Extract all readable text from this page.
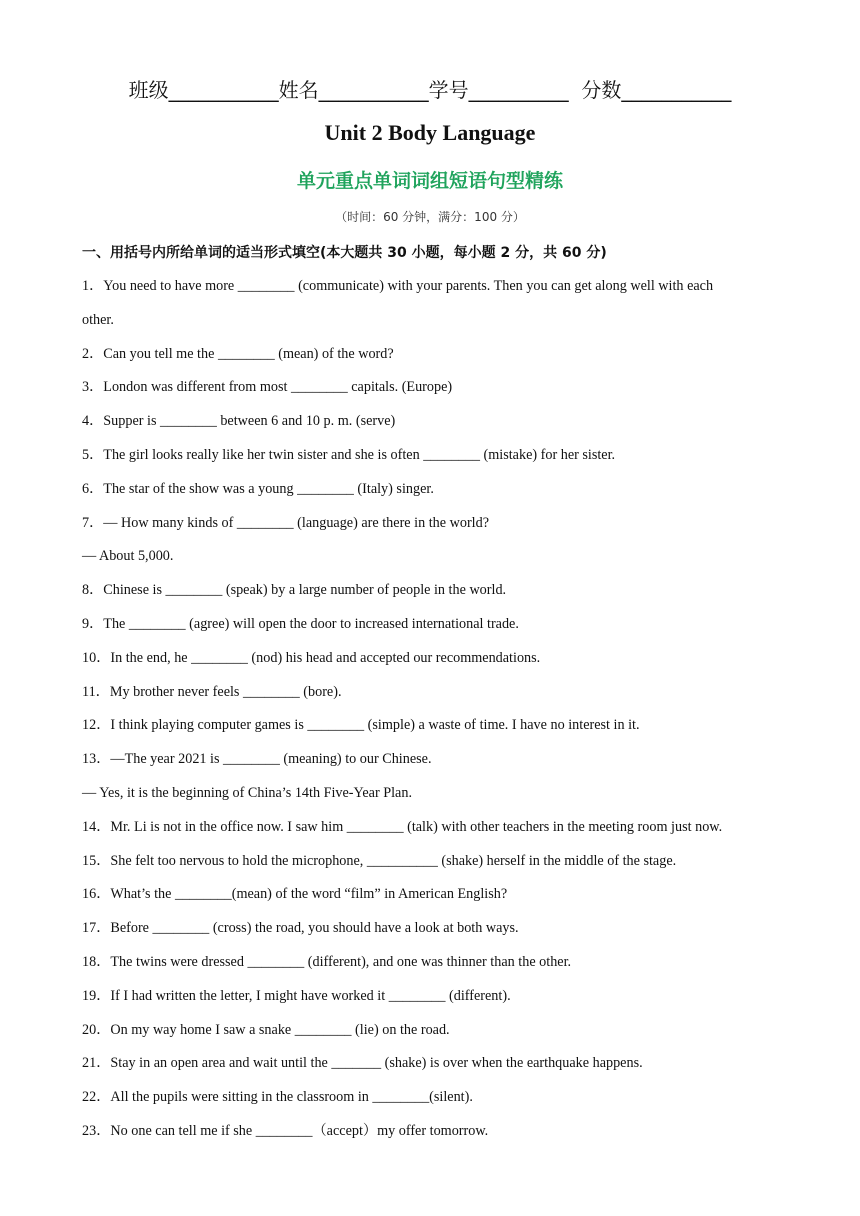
班级___________姓名___________学号__________  分数___________
Unit 2 Body Language
单元重点单词词组短语句型精练
（时间：60 分钟，满分：100 分）
一、用括号内所给单词的适当形式填空(本大题共 30 小题，每小题 2 分，共 60 分)
1．You need to have more ________ (communicate) with your parents. Then you can get along well with each
other.
2．Can you tell me the ________ (mean) of the word?
3．London was different from most ________ capitals. (Europe)
4．Supper is ________ between 6 and 10 p. m. (serve)
5．The girl looks really like her twin sister and she is often ________ (mistake) for her sister.
6．The star of the show was a young ________ (Italy) singer.
7．— How many kinds of ________ (language) are there in the world?
— About 5,000.
8．Chinese is ________ (speak) by a large number of people in the world.
9．The ________ (agree) will open the door to increased international trade.
10．In the end, he ________ (nod) his head and accepted our recommendations.
11．My brother never feels ________ (bore).
12．I think playing computer games is ________ (simple) a waste of time. I have no interest in it.
13．—The year 2021 is ________ (meaning) to our Chinese.
— Yes, it is the beginning of China’s 14th Five-Year Plan.
14．Mr. Li is not in the office now. I saw him ________ (talk) with other teachers in the meeting room just now.
15．She felt too nervous to hold the microphone, __________ (shake) herself in the middle of the stage.
16．What’s the ________(mean) of the word “film” in American English?
17．Before ________ (cross) the road, you should have a look at both ways.
18．The twins were dressed ________ (different), and one was thinner than the other.
19．If I had written the letter, I might have worked it ________ (different).
20．On my way home I saw a snake ________ (lie) on the road.
21．Stay in an open area and wait until the _______ (shake) is over when the earthquake happens.
22．All the pupils were sitting in the classroom in ________(silent).
23．No one can tell me if she ________（accept）my offer tomorrow.
